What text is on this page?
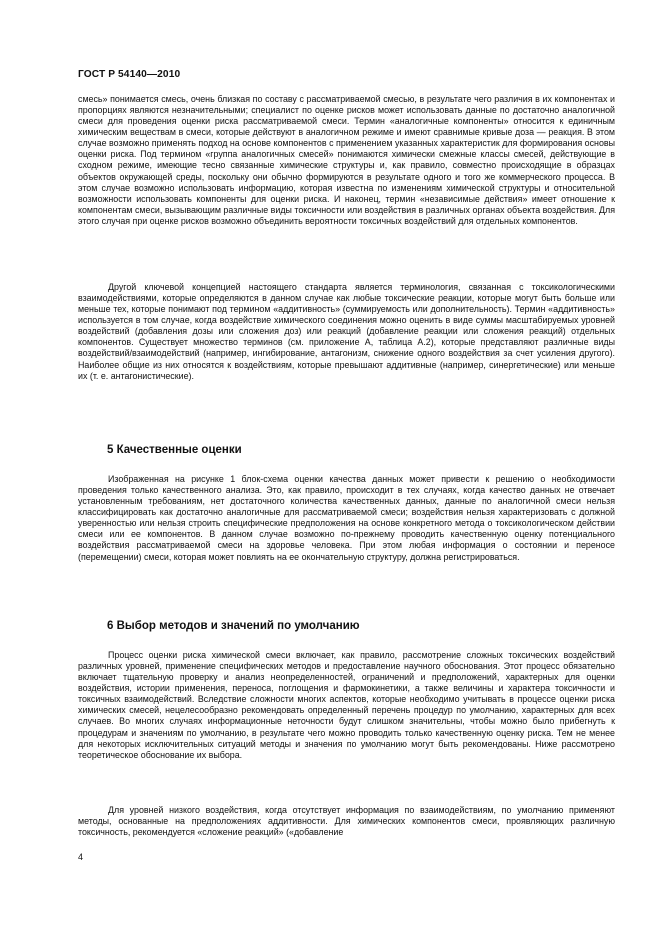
ГОСТ Р 54140—2010

смесь» понимается смесь, очень близкая по составу с рассматриваемой смесью, в результате чего различия в их компонентах и пропорциях являются незначительными; специалист по оценке рисков может использовать данные по достаточно аналогичной смеси для проведения оценки риска рассматриваемой смеси. Термин «аналогичные компоненты» относится к единичным химическим веществам в смеси, которые действуют в аналогичном режиме и имеют сравнимые кривые доза — реакция. В этом случае возможно применять подход на основе компонентов с применением указанных характеристик для формирования основы оценки риска. Под термином «группа аналогичных смесей» понимаются химически смежные классы смесей, действующие в сходном режиме, имеющие тесно связанные химические структуры и, как правило, совместно происходящие в образцах объектов окружающей среды, поскольку они обычно формируются в результате одного и того же коммерческого процесса. В этом случае возможно использовать информацию, которая известна по изменениям химической структуры и относительной возможности использовать компоненты для оценки риска. И наконец, термин «независимые действия» имеет отношение к компонентам смеси, вызывающим различные виды токсичности или воздействия в различных органах объекта воздействия. Для этого случая при оценке рисков возможно объединить вероятности токсичных воздействий для отдельных компонентов.

Другой ключевой концепцией настоящего стандарта является терминология, связанная с токсикологическими взаимодействиями, которые определяются в данном случае как любые токсические реакции, которые могут быть больше или меньше тех, которые понимают под термином «аддитивность» (суммируемость или дополнительность). Термин «аддитивность» используется в том случае, когда воздействие химического соединения можно оценить в виде суммы масштабируемых уровней воздействий (добавления дозы или сложения доз) или реакций (добавление реакции или сложения реакций) отдельных компонентов. Существует множество терминов (см. приложение А, таблица А.2), которые представляют различные виды воздействий/взаимодействий (например, ингибирование, антагонизм, снижение одного воздействия за счет усиления другого). Наиболее общие из них относятся к воздействиям, которые превышают аддитивные (например, синергетические) или меньше их (т. е. антагонистические).

5 Качественные оценки

Изображенная на рисунке 1 блок-схема оценки качества данных может привести к решению о необходимости проведения только качественного анализа. Это, как правило, происходит в тех случаях, когда качество данных не отвечает установленным требованиям, нет достаточного количества качественных данных, данные по аналогичной смеси нельзя классифицировать как достаточно аналогичные для рассматриваемой смеси; воздействия нельзя характеризовать с должной уверенностью или нельзя строить специфические предположения на основе конкретного метода о токсикологическом действии смеси или ее компонентов. В данном случае возможно по-прежнему проводить качественную оценку потенциального воздействия рассматриваемой смеси на здоровье человека. При этом любая информация о состоянии и переносе (перемещении) смеси, которая может повлиять на ее окончательную структуру, должна регистрироваться.

6 Выбор методов и значений по умолчанию

Процесс оценки риска химической смеси включает, как правило, рассмотрение сложных токсических воздействий различных уровней, применение специфических методов и предоставление научного обоснования. Этот процесс обязательно включает тщательную проверку и анализ неопределенностей, ограничений и предположений, характерных для оценки воздействия, истории применения, переноса, поглощения и фармокинетики, а также величины и характера токсичности и токсичных взаимодействий. Вследствие сложности многих аспектов, которые необходимо учитывать в процессе оценки риска химических смесей, нецелесообразно рекомендовать определенный перечень процедур по умолчанию, характерных для всех случаев. Во многих случаях информационные неточности будут слишком значительны, чтобы можно было прибегнуть к процедурам и значениям по умолчанию, в результате чего можно проводить только качественную оценку риска. Тем не менее для некоторых исключительных ситуаций методы и значения по умолчанию могут быть рекомендованы. Ниже рассмотрено теоретическое обоснование их выбора.

Для уровней низкого воздействия, когда отсутствует информация по взаимодействиям, по умолчанию применяют методы, основанные на предположениях аддитивности. Для химических компонентов смеси, проявляющих различную токсичность, рекомендуется «сложение реакций» («добавление

4
